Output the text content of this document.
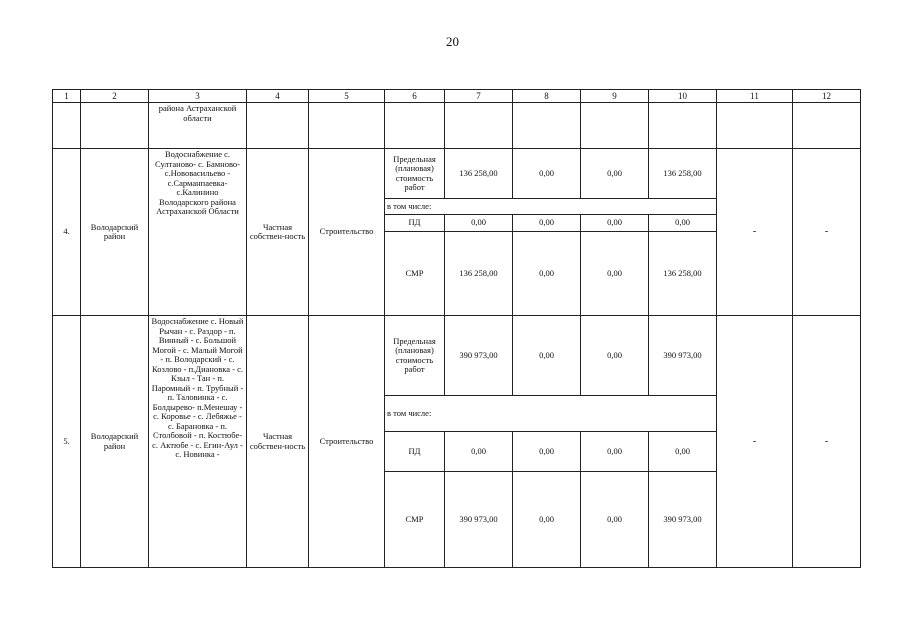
20
1	2	3	4	5	6	7	8	9	10	11	12
		района Астраханской области									
4.	Володарский район	Водоснабжение с. Султаново- с. Бамново- с.Нововасильево - с.Сарманпаевка- с.Калинино Володарского района Астраханской Области	Частная собствен-ность	Строительство	Предельная (плановая) стоимость работ	136 258,00	0,00	0,00	136 258,00	-	-
					в том числе:						
					ПД	0,00	0,00	0,00	0,00		
					СМР	136 258,00	0,00	0,00	136 258,00		
5.	Володарский район	Водоснабжение с. Новый Рычан - с. Раздор - п. Винный - с. Большой Могой - с. Малый Могой - п. Володарский - с. Козлово - п.Диановка - с. Кзыл - Тан - п. Паромный - п. Трубный - п. Таловинка - с. Болдырево- п.Менешау - с. Коровье - с. Лебяжье - с. Барановка - п. Столбовой - п. Костюбе- с. Актюбе - с. Егин-Аул - с. Новинка -	Частная собствен-ность	Строительство	Предельная (плановая) стоимость работ	390 973,00	0,00	0,00	390 973,00	-	-
					в том числе:						
					ПД	0,00	0,00	0,00	0,00		
					СМР	390 973,00	0,00	0,00	390 973,00		
